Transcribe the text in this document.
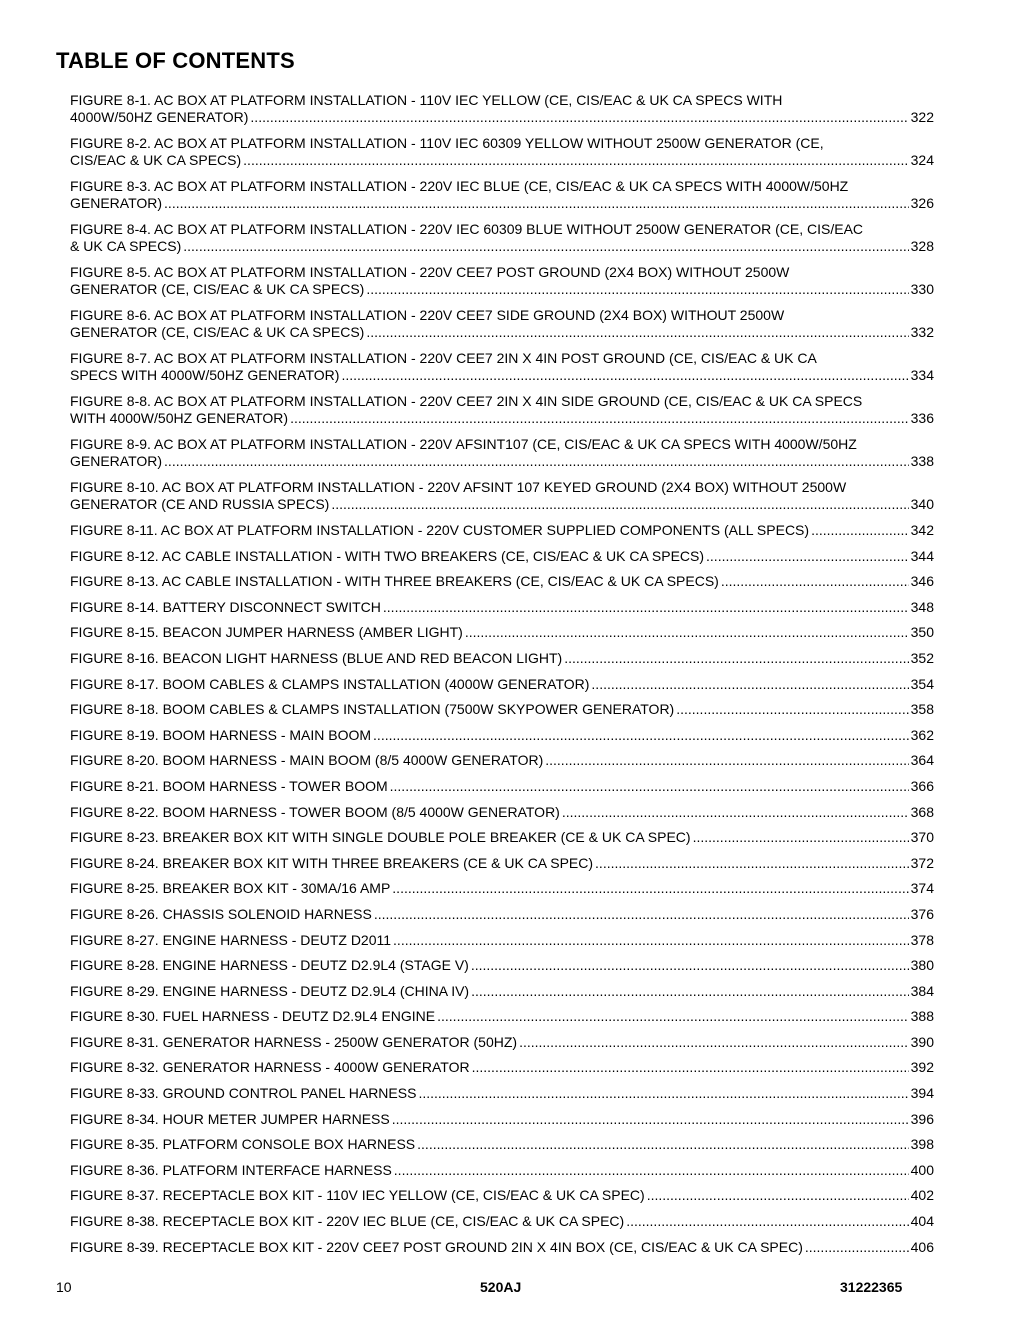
TABLE OF CONTENTS
FIGURE 8-1. AC BOX AT PLATFORM INSTALLATION - 110V IEC YELLOW (CE, CIS/EAC & UK CA SPECS WITH
4000W/50HZ GENERATOR) .....	322
FIGURE 8-2. AC BOX AT PLATFORM INSTALLATION - 110V IEC 60309 YELLOW WITHOUT 2500W GENERATOR (CE,
CIS/EAC & UK CA SPECS) .....	324
FIGURE 8-3. AC BOX AT PLATFORM INSTALLATION - 220V IEC BLUE (CE, CIS/EAC & UK CA SPECS WITH 4000W/50HZ
GENERATOR) .....	326
FIGURE 8-4. AC BOX AT PLATFORM INSTALLATION - 220V IEC 60309 BLUE WITHOUT 2500W GENERATOR (CE, CIS/EAC
& UK CA SPECS) .....	328
FIGURE 8-5. AC BOX AT PLATFORM INSTALLATION - 220V CEE7 POST GROUND (2X4 BOX) WITHOUT 2500W
GENERATOR (CE, CIS/EAC & UK CA SPECS) .....	330
FIGURE 8-6. AC BOX AT PLATFORM INSTALLATION - 220V CEE7 SIDE GROUND (2X4 BOX) WITHOUT 2500W
GENERATOR (CE, CIS/EAC & UK CA SPECS) .....	332
FIGURE 8-7. AC BOX AT PLATFORM INSTALLATION - 220V CEE7 2IN X 4IN POST GROUND (CE, CIS/EAC & UK CA
SPECS WITH 4000W/50HZ GENERATOR) .....	334
FIGURE 8-8. AC BOX AT PLATFORM INSTALLATION - 220V CEE7 2IN X 4IN SIDE GROUND (CE, CIS/EAC & UK CA SPECS
WITH 4000W/50HZ GENERATOR) .....	336
FIGURE 8-9. AC BOX AT PLATFORM INSTALLATION - 220V AFSINT107 (CE, CIS/EAC & UK CA SPECS WITH 4000W/50HZ
GENERATOR) .....	338
FIGURE 8-10. AC BOX AT PLATFORM INSTALLATION - 220V AFSINT 107 KEYED GROUND (2X4 BOX) WITHOUT 2500W
GENERATOR (CE AND RUSSIA SPECS) .....	340
FIGURE 8-11. AC BOX AT PLATFORM INSTALLATION - 220V CUSTOMER SUPPLIED COMPONENTS (ALL SPECS) .....	342
FIGURE 8-12. AC CABLE INSTALLATION - WITH TWO BREAKERS (CE, CIS/EAC & UK CA SPECS) .....	344
FIGURE 8-13. AC CABLE INSTALLATION - WITH THREE BREAKERS (CE, CIS/EAC & UK CA SPECS) .....	346
FIGURE 8-14. BATTERY DISCONNECT SWITCH .....	348
FIGURE 8-15. BEACON JUMPER HARNESS (AMBER LIGHT) .....	350
FIGURE 8-16. BEACON LIGHT HARNESS (BLUE AND RED BEACON LIGHT) .....	352
FIGURE 8-17. BOOM CABLES & CLAMPS INSTALLATION (4000W GENERATOR) .....	354
FIGURE 8-18. BOOM CABLES & CLAMPS INSTALLATION (7500W SKYPOWER GENERATOR) .....	358
FIGURE 8-19. BOOM HARNESS - MAIN BOOM .....	362
FIGURE 8-20. BOOM HARNESS - MAIN BOOM (8/5 4000W GENERATOR) .....	364
FIGURE 8-21. BOOM HARNESS - TOWER BOOM .....	366
FIGURE 8-22. BOOM HARNESS - TOWER BOOM (8/5 4000W GENERATOR) .....	368
FIGURE 8-23. BREAKER BOX KIT WITH SINGLE DOUBLE POLE BREAKER (CE & UK CA SPEC) .....	370
FIGURE 8-24. BREAKER BOX KIT WITH THREE BREAKERS (CE & UK CA SPEC) .....	372
FIGURE 8-25. BREAKER BOX KIT - 30MA/16 AMP .....	374
FIGURE 8-26. CHASSIS SOLENOID HARNESS .....	376
FIGURE 8-27. ENGINE HARNESS - DEUTZ D2011 .....	378
FIGURE 8-28. ENGINE HARNESS - DEUTZ D2.9L4 (STAGE V) .....	380
FIGURE 8-29. ENGINE HARNESS - DEUTZ D2.9L4 (CHINA IV) .....	384
FIGURE 8-30. FUEL HARNESS - DEUTZ D2.9L4 ENGINE .....	388
FIGURE 8-31. GENERATOR HARNESS - 2500W GENERATOR (50HZ) .....	390
FIGURE 8-32. GENERATOR HARNESS - 4000W GENERATOR .....	392
FIGURE 8-33. GROUND CONTROL PANEL HARNESS .....	394
FIGURE 8-34. HOUR METER JUMPER HARNESS .....	396
FIGURE 8-35. PLATFORM CONSOLE BOX HARNESS .....	398
FIGURE 8-36. PLATFORM INTERFACE HARNESS .....	400
FIGURE 8-37. RECEPTACLE BOX KIT - 110V IEC YELLOW (CE, CIS/EAC & UK CA SPEC) .....	402
FIGURE 8-38. RECEPTACLE BOX KIT - 220V IEC BLUE (CE, CIS/EAC & UK CA SPEC) .....	404
FIGURE 8-39. RECEPTACLE BOX KIT - 220V CEE7 POST GROUND 2IN X 4IN BOX (CE, CIS/EAC & UK CA SPEC) .....	406
10	520AJ	31222365
